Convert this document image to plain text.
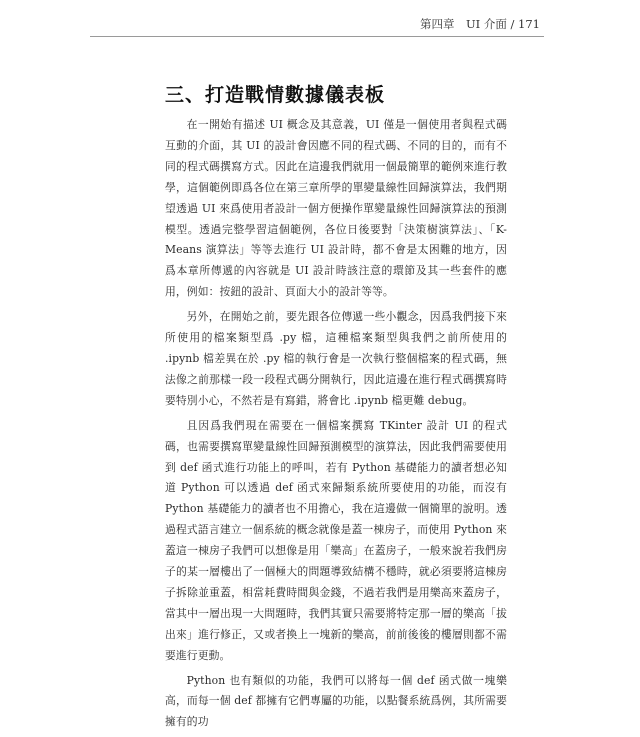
第四章　UI 介面 / 171
三、打造戰情數據儀表板

在一開始有描述 UI 概念及其意義，UI 僅是一個使用者與程式碼互動的介面，其 UI 的設計會因應不同的程式碼、不同的目的，而有不同的程式碼撰寫方式。因此在這邊我們就用一個最簡單的範例來進行教學，這個範例即爲各位在第三章所學的單變量線性回歸演算法，我們期望透過 UI 來爲使用者設計一個方便操作單變量線性回歸演算法的預測模型。透過完整學習這個範例，各位日後要對「決策樹演算法」、「K-Means 演算法」等等去進行 UI 設計時，都不會是太困難的地方，因爲本章所傳遞的內容就是 UI 設計時該注意的環節及其一些套件的應用，例如：按鈕的設計、頁面大小的設計等等。

另外，在開始之前，要先跟各位傳遞一些小觀念，因爲我們接下來所使用的檔案類型爲 .py 檔，這種檔案類型與我們之前所使用的 .ipynb 檔差異在於 .py 檔的執行會是一次執行整個檔案的程式碼，無法像之前那樣一段一段程式碼分開執行，因此這邊在進行程式碼撰寫時要特別小心，不然若是有寫錯，將會比 .ipynb 檔更難 debug。

且因爲我們現在需要在一個檔案撰寫 TKinter 設計 UI 的程式碼，也需要撰寫單變量線性回歸預測模型的演算法，因此我們需要使用到 def 函式進行功能上的呼叫，若有 Python 基礎能力的讀者想必知道 Python 可以透過 def 函式來歸類系統所要使用的功能，而沒有 Python 基礎能力的讀者也不用擔心，我在這邊做一個簡單的說明。透過程式語言建立一個系統的概念就像是蓋一棟房子，而使用 Python 來蓋這一棟房子我們可以想像是用「樂高」在蓋房子，一般來說若我們房子的某一層樓出了一個極大的問題導致結構不穩時，就必須要將這棟房子拆除並重蓋，相當耗費時間與金錢，不過若我們是用樂高來蓋房子，當其中一層出現一大問題時，我們其實只需要將特定那一層的樂高「拔出來」進行修正，又或者換上一塊新的樂高，前前後後的樓層則都不需要進行更動。

Python 也有類似的功能，我們可以將每一個 def 函式做一塊樂高，而每一個 def 都擁有它們專屬的功能，以點餐系統爲例，其所需要擁有的功
